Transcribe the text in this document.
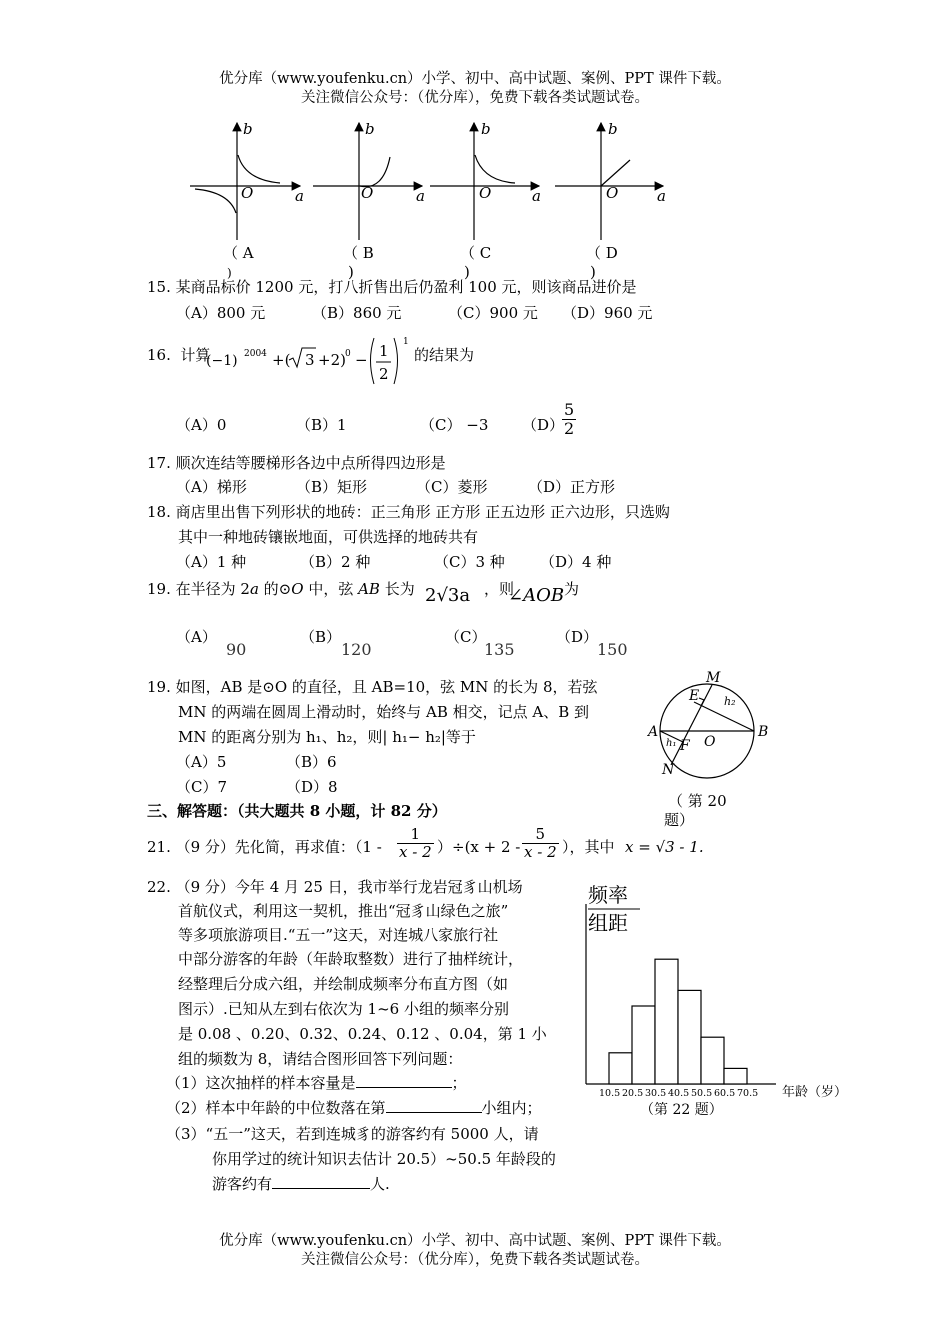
优分库（www.youfenku.cn）小学、初中、高中试题、案例、PPT 课件下载。
关注微信公众号：（优分库），免费下载各类试题试卷。
b
a
O
b
a
O
b
a
O
b
a
O
（ A
)
（ B
)
（ C
)
（ D
)
15. 某商品标价 1200 元，打八折售出后仍盈利 100 元，则该商品进价是
（A）800 元	（B）860 元	（C）900 元 （D）960 元
16. 计算
(−1) 2004 +( 3 +2) 0 − 1
2
1
的结果为
（A）0	（B）1	（C） −3 （D）
$\frac{5}{2}$
17. 顺次连结等腰梯形各边中点所得四边形是
（A）梯形	（B）矩形	（C）菱形	（D）正方形
18. 商店里出售下列形状的地砖：正三角形 正方形 正五边形 正六边形，只选购
其中一种地砖镶嵌地面，可供选择的地砖共有
（A）1 种	（B）2 种	（C）3 种 （D）4 种
19. 在半径为 2a 的⊙O 中，弦 AB 长为 2√3a ，则
∠AOB 为
（A）
90
（B）
120
（C）
135
（D）
150
19. 如图，AB 是⊙O 的直径，且 AB=10，弦 MN 的长为 8，若弦
MN 的两端在圆周上滑动时，始终与 AB 相交，记点 A、B 到
MN 的距离分别为 h₁、h₂，则| h₁− h₂|等于
（A）5	（B）6
（C）7	（D）8
M
E h₂
A
h₁ F O
B
N
（ 第 20
题）
三、解答题：（共大题共 8 小题，计 82 分）
21. （9 分）先化简，再求值：$(1 - \frac{1}{x - 2} )\div(x + 2 - \frac{5}{x - 2}$ ），其中 x = √3 - 1.
22. （9 分）今年 4 月 25 日，我市举行龙岩冠豸山机场
首航仪式，利用这一契机，推出“冠豸山绿色之旅”
等多项旅游项目.“五一”这天，对连城八家旅行社
中部分游客的年龄（年龄取整数）进行了抽样统计，
经整理后分成六组，并绘制成频率分布直方图（如
图示）.已知从左到右依次为 1~6 小组的频率分别
是 0.08 、0.20、0.32、0.24、0.12 、0.04，第 1 小
组的频数为 8，请结合图形回答下列问题：
（1）这次抽样的样本容量是	；
（2）样本中年龄的中位数落在第	小组内；
（3）“五一”这天，若到连城豸的游客约有 5000 人，请
你用学过的统计知识去估计 20.5）~50.5 年龄段的
游客约有	人.
频率
组距
10.5 20.5 30.5 40.5 50.5 60.5 70.5 年龄（岁）
（第 22 题）
优分库（www.youfenku.cn）小学、初中、高中试题、案例、PPT 课件下载。
关注微信公众号：（优分库），免费下载各类试题试卷。
